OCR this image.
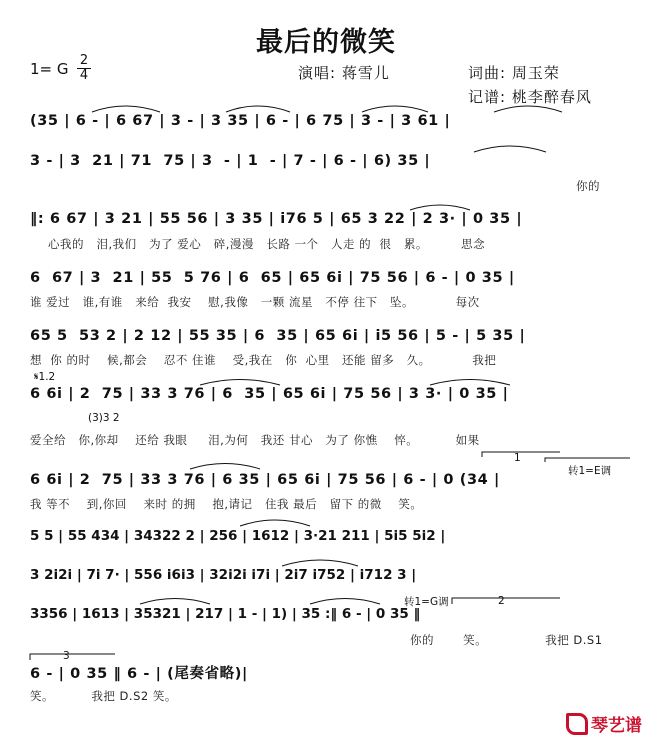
最后的微笑
1= G 2
4	演唱: 蒋雪儿	词曲: 周玉荣
记谱: 桃李醉春风
(35 | 6 - | 6 67 | 3 - | 3 35 | 6 - | 6 75 | 3 - | 3 61 |
3 - | 3  21 | 71  75 | 3  - | 1  - | 7 - | 6 - | 6) 35 |
你的
‖: 6 67 | 3 21 | 55 56 | 3 35 | i76 5 | 65 3 22 | 2 3· | 0 35 |
心我的   泪,我们   为了 爱心   碎,漫漫   长路 一个   人走 的  很   累。        思念
6  67 | 3  21 | 55  5 76 | 6  65 | 65 6i | 75 56 | 6 - | 0 35 |
谁 爱过   谁,有谁   来给  我安    慰,我像   一颗 流星   不停 往下   坠。          每次
65 5  53 2 | 2 12 | 55 35 | 6  35 | 65 6i | i5 56 | 5 - | 5 35 |
想  你 的时    候,都会    忍不 住谁    受,我在   你  心里   还能 留多   久。          我把
𝄋1.2
6 6i | 2  75 | 33 3 76 | 6  35 | 65 6i | 75 56 | 3 3· | 0 35 |
(3)3 2
爱全给   你,你却    还给 我眼     泪,为何   我还 甘心   为了 你憔    悴。         如果
1
转1=E调
6 6i | 2  75 | 33 3 76 | 6 35 | 65 6i | 75 56 | 6 - | 0 (34 |
我 等不    到,你回    来时 的拥    抱,请记   住我 最后   留下 的微    笑。
5 5 | 55 434 | 34322 2 | 256 | 1612 | 3·21 211 | 5i5 5i2 |
3 2i2i | 7i 7· | 556 i6i3 | 32i2i i7i | 2i7 i752 | i712 3 |
转1=G调	2
3356 | 1613 | 35321 | 217 | 1 - | 1) | 35 :‖ 6 - | 0 35 ‖
你的       笑。              我把 D.S1
3
6 - | 0 35 ‖ 6 - | (尾奏省略)|
笑。         我把 D.S2 笑。
琴艺谱
